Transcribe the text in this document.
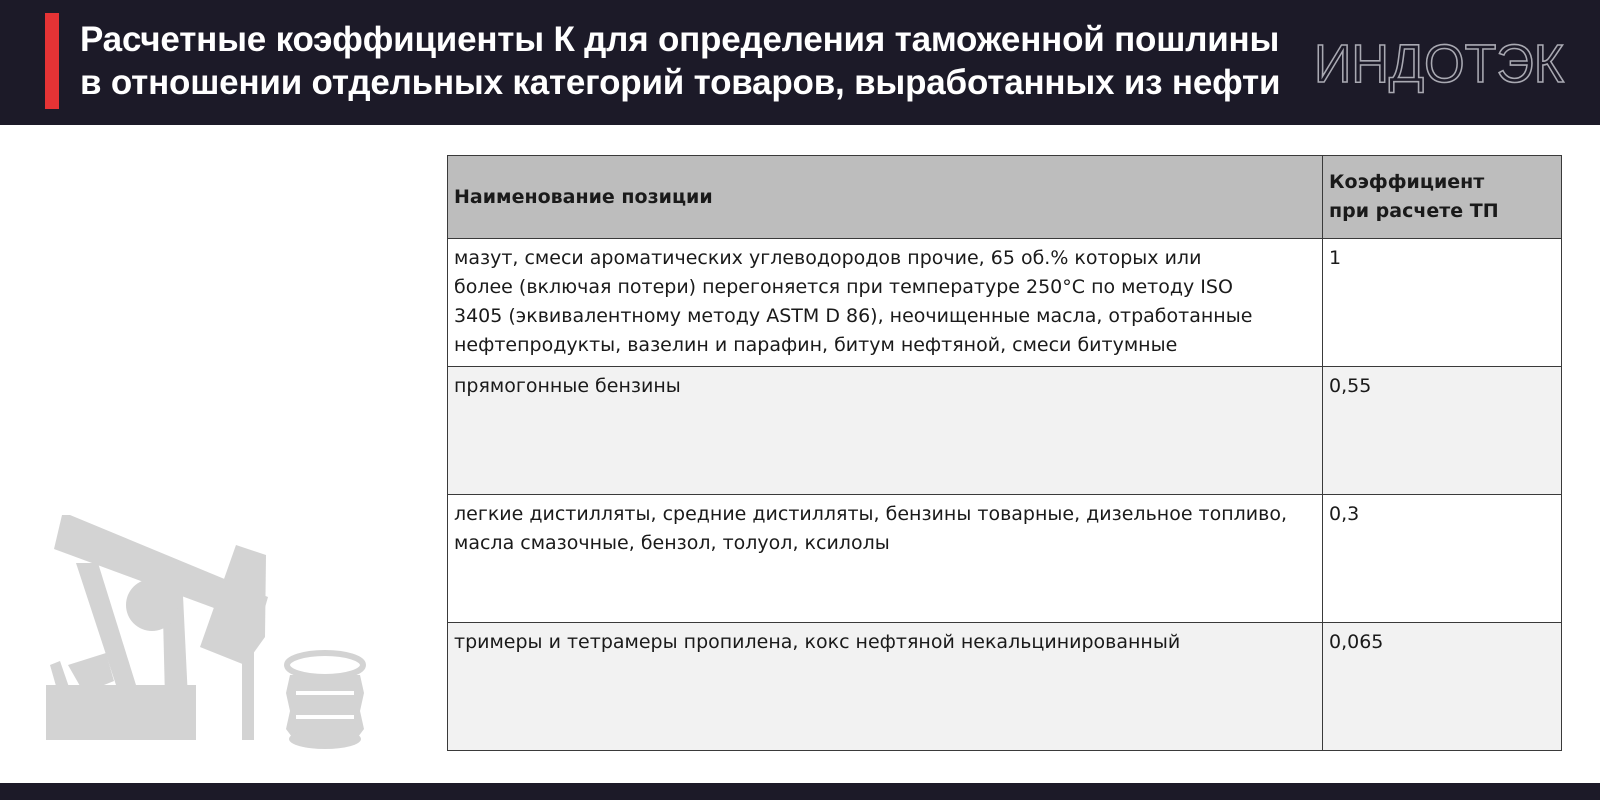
Расчетные коэффициенты К для определения таможенной пошлины
в отношении отдельных категорий товаров, выработанных из нефти ИНДОТЭК
Наименование позиции	Коэффициент
при расчете ТП

мазут, смеси ароматических углеводородов прочие, 65 об.% которых или
более (включая потери) перегоняется при температуре 250°С по методу ISO
3405 (эквивалентному методу ASTM D 86), неочищенные масла, отработанные
нефтепродукты, вазелин и парафин, битум нефтяной, смеси битумные	1

прямогонные бензины	0,55

легкие дистилляты, средние дистилляты, бензины товарные, дизельное топливо,
масла смазочные, бензол, толуол, ксилолы	0,3

тримеры и тетрамеры пропилена, кокс нефтяной некальцинированный	0,065
